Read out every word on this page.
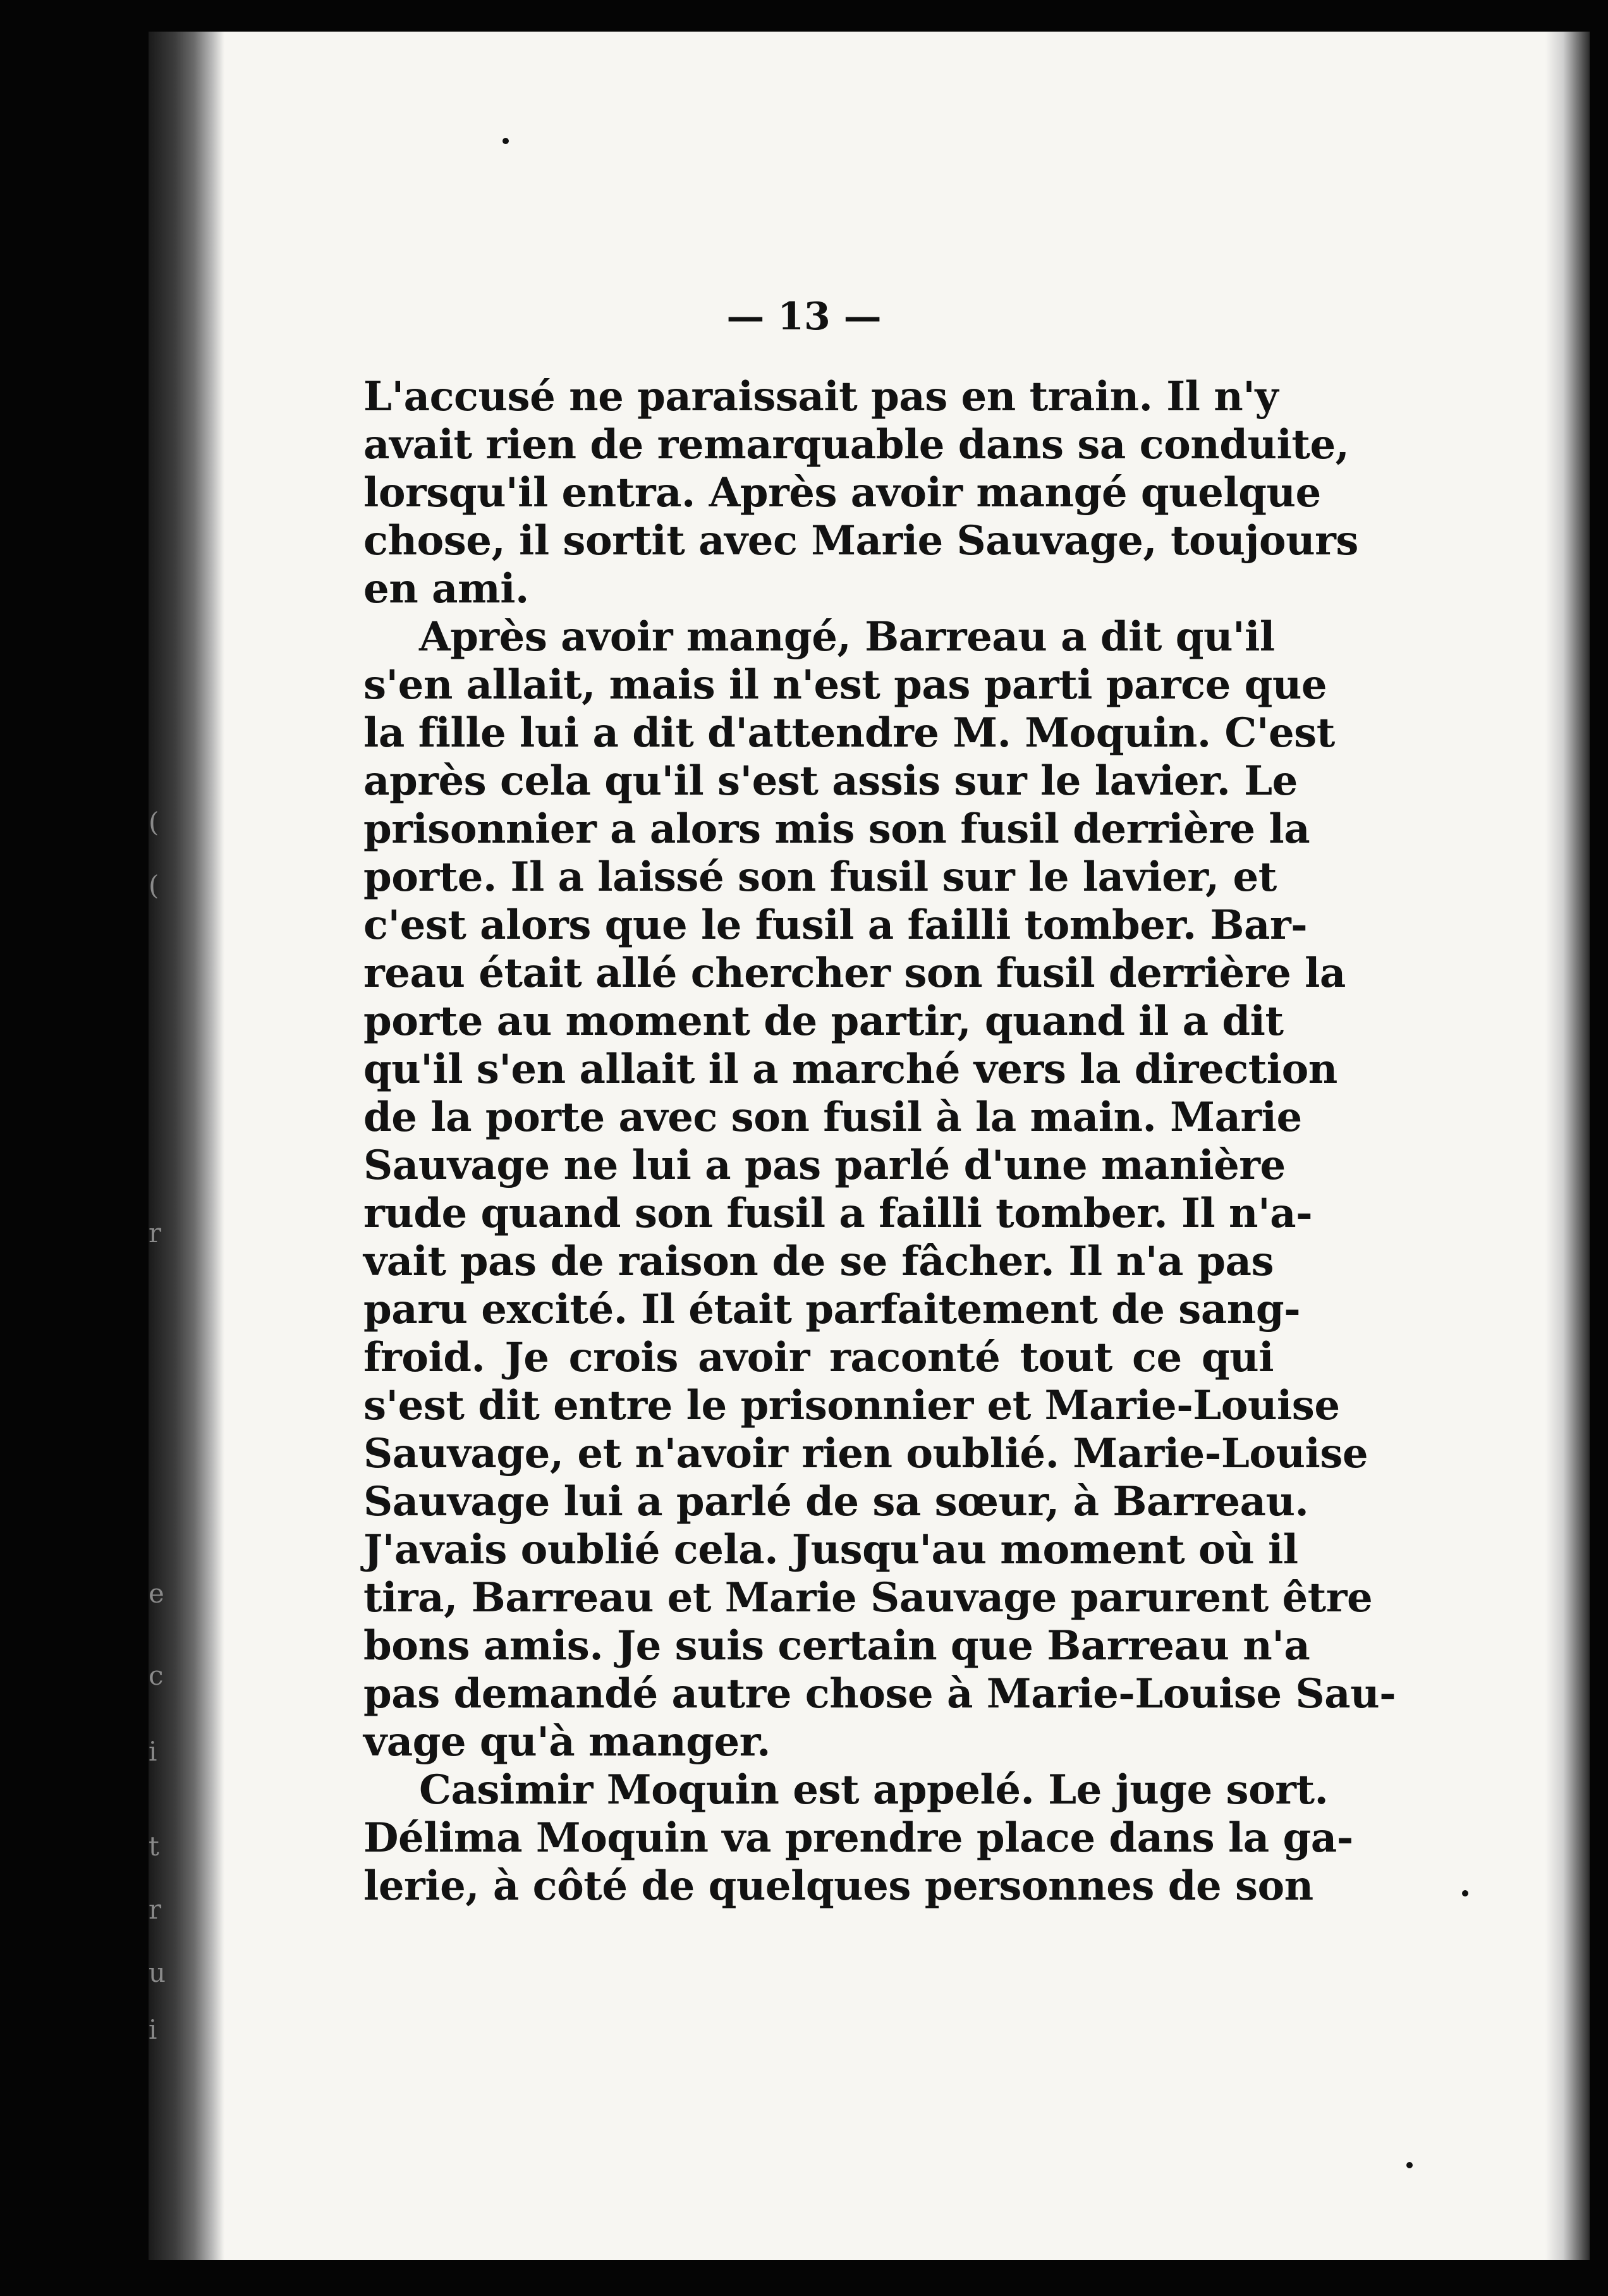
(
(
r
e
c
i
t
r
u
i
— 13 —
L'accusé ne paraissait pas en train. Il n'y
avait rien de remarquable dans sa conduite,
lorsqu'il entra. Après avoir mangé quelque
chose, il sortit avec Marie Sauvage, toujours
en ami.
Après avoir mangé, Barreau a dit qu'il
s'en allait, mais il n'est pas parti parce que
la fille lui a dit d'attendre M. Moquin. C'est
après cela qu'il s'est assis sur le lavier. Le
prisonnier a alors mis son fusil derrière la
porte. Il a laissé son fusil sur le lavier, et
c'est alors que le fusil a failli tomber. Bar-
reau était allé chercher son fusil derrière la
porte au moment de partir, quand il a dit
qu'il s'en allait il a marché vers la direction
de la porte avec son fusil à la main. Marie
Sauvage ne lui a pas parlé d'une manière
rude quand son fusil a failli tomber. Il n'a-
vait pas de raison de se fâcher. Il n'a pas
paru excité. Il était parfaitement de sang-
froid. Je crois avoir raconté tout ce qui
s'est dit entre le prisonnier et Marie-Louise
Sauvage, et n'avoir rien oublié. Marie-Louise
Sauvage lui a parlé de sa sœur, à Barreau.
J'avais oublié cela. Jusqu'au moment où il
tira, Barreau et Marie Sauvage parurent être
bons amis. Je suis certain que Barreau n'a
pas demandé autre chose à Marie-Louise Sau-
vage qu'à manger.
Casimir Moquin est appelé. Le juge sort.
Délima Moquin va prendre place dans la ga-
lerie, à côté de quelques personnes de son
